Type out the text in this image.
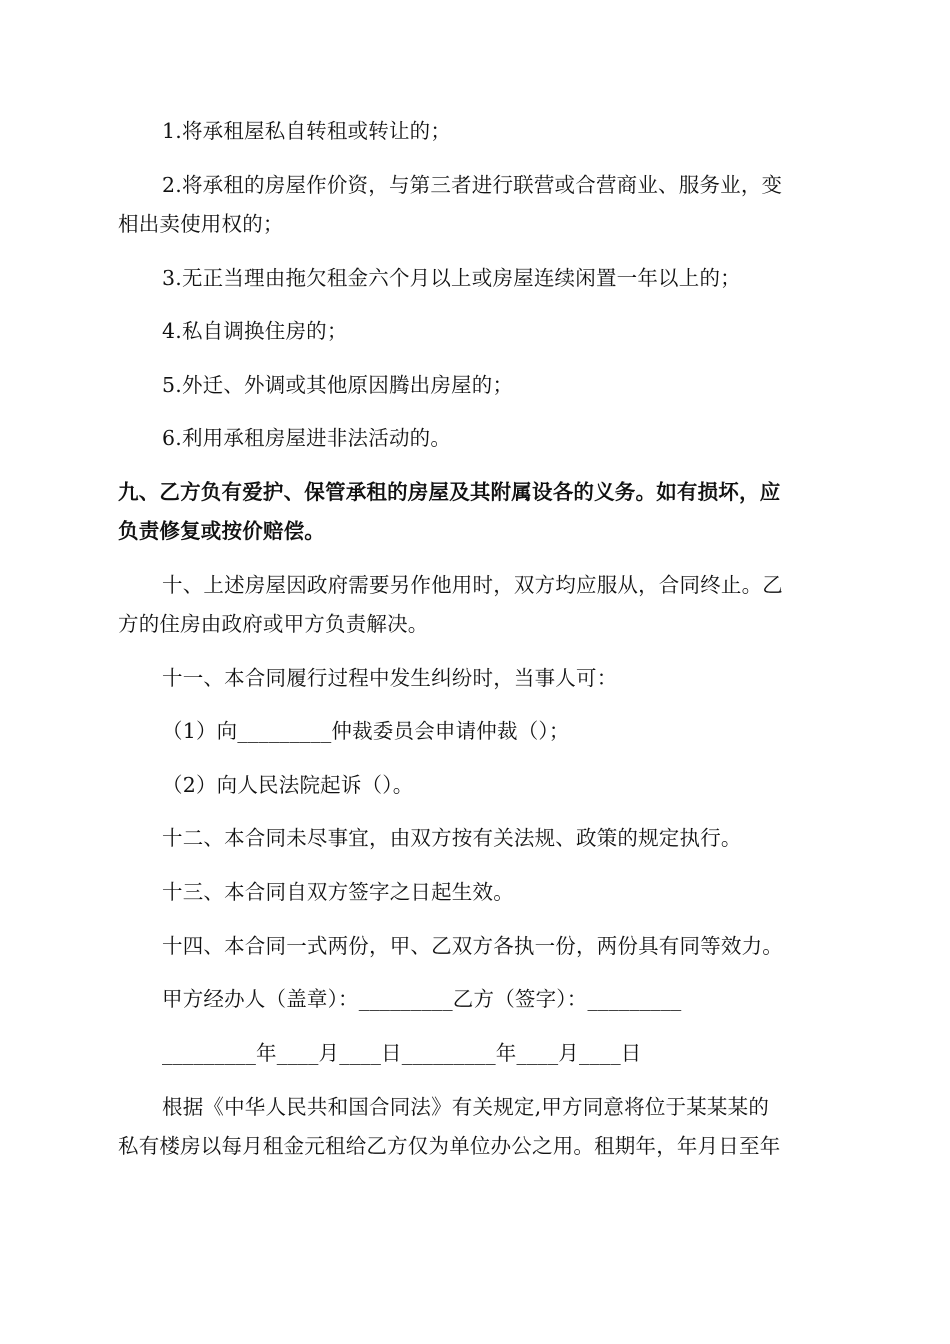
1.将承租屋私自转租或转让的；
2.将承租的房屋作价资，与第三者进行联营或合营商业、服务业，变
相出卖使用权的；
3.无正当理由拖欠租金六个月以上或房屋连续闲置一年以上的；
4.私自调换住房的；
5.外迁、外调或其他原因腾出房屋的；
6.利用承租房屋进非法活动的。
九、乙方负有爱护、保管承租的房屋及其附属设各的义务。如有损坏，应
负责修复或按价赔偿。
十、上述房屋因政府需要另作他用时，双方均应服从，合同终止。乙
方的住房由政府或甲方负责解决。
十一、本合同履行过程中发生纠纷时，当事人可：
（1）向_________仲裁委员会申请仲裁（）；
（2）向人民法院起诉（）。
十二、本合同未尽事宜，由双方按有关法规、政策的规定执行。
十三、本合同自双方签字之日起生效。
十四、本合同一式两份，甲、乙双方各执一份，两份具有同等效力。
甲方经办人（盖章）：_________乙方（签字）：_________
_________年____月____日_________年____月____日
根据《中华人民共和国合同法》有关规定,甲方同意将位于某某某的
私有楼房以每月租金元租给乙方仅为单位办公之用。租期年，年月日至年
